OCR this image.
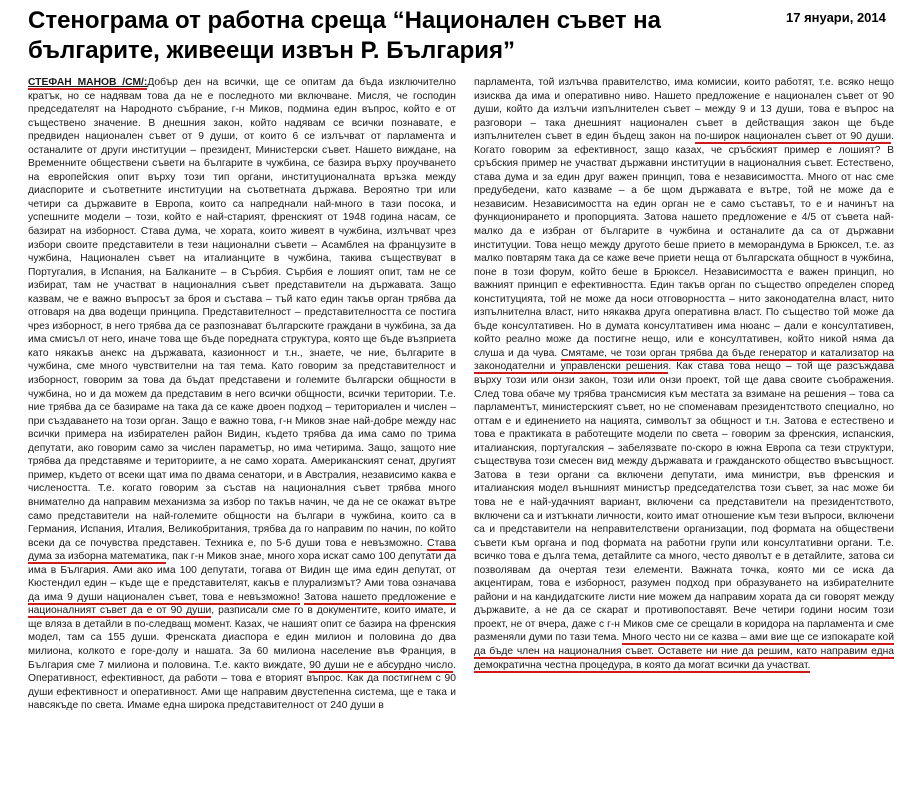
Стенограма от работна среща “Национален съвет на българите, живеещи извън Р. България”
17 януари, 2014

СТЕФАН МАНОВ /СМ/:Добър ден на всички, ще се опитам да бъда изключително кратък, но се надявам това да не е последното ми включване. Мисля, че господин председателят на Народното събрание, г-н Миков, подмина един въпрос, който е от съществено значение. В днешния закон, който надявам се всички познавате, е предвиден национален съвет от 9 души, от които 6 се излъчват от парламента и останалите от други институции – президент, Министерски съвет. Нашето виждане, на Временните обществени съвети на българите в чужбина, се базира върху проучването на европейския опит върху този тип органи, институционалната връзка между диаспорите и съответните институции на съответната държава. Вероятно три или четири са държавите в Европа, които са напреднали най-много в тази посока, и успешните модели – този, който е най-старият, френският от 1948 година насам, се базират на изборност. Става дума, че хората, които живеят в чужбина, излъчват чрез избори своите представители в тези национални съвети – Асамблея на французите в чужбина, Национален съвет на италианците в чужбина, такива съществуват в Португалия, в Испания, на Балканите – в Сърбия. Сърбия е лошият опит, там не се избират, там не участват в националния съвет представители на държавата. Защо казвам, че е важно въпросът за броя и състава – тъй като един такъв орган трябва да отговаря на два водещи принципа. Представителност – представителността се постига чрез изборност, в него трябва да се разпознават българските граждани в чужбина, за да има смисъл от него, иначе това ще бъде поредната структура, която ще бъде възприета като някакъв анекс на държавата, казионност и т.н., знаете, че ние, българите в чужбина, сме много чувствителни на тая тема. Като говорим за представителност и изборност, говорим за това да бъдат представени и големите български общности в чужбина, но и да можем да представим в него всички общности, всички територии. Т.е. ние трябва да се базираме на така да се каже двоен подход – териториален и числен – при създаването на този орган. Защо е важно това, г-н Миков знае най-добре между нас всички примера на избирателен район Видин, където трябва да има само по трима депутати, ако говорим само за числен параметър, но има четирима. Защо, защото ние трябва да представяме и териториите, а не само хората. Американският сенат, другият пример, където от всеки щат има по двама сенатори, и в Австралия, независимо каква е числеността. Т.е. когато говорим за състав на националния съвет трябва много внимателно да направим механизма за избор по такъв начин, че да не се окажат вътре само представители на най-големите общности на българи в чужбина, които са в Германия, Испания, Италия, Великобритания, трябва да го направим по начин, по който всеки да се почувства представен. Техника е, по 5-6 души това е невъзможно. Става дума за изборна математика, пак г-н Миков знае, много хора искат само 100 депутати да има в България. Ами ако има 100 депутати, тогава от Видин ще има един депутат, от Кюстендил един – къде ще е представителят, какъв е плурализмът? Ами това означава да има 9 души национален съвет, това е невъзможно! Затова нашето предложение е националният съвет да е от 90 души, разписали сме го в документите, които имате, и ще вляза в детайли в по-следващ момент. Казах, че нашият опит се базира на френския модел, там са 155 души. Френската диаспора е един милион и половина до два милиона, колкото е горе-долу и нашата. За 60 милиона население във Франция, в България сме 7 милиона и половина. Т.е. както виждате, 90 души не е абсурдно число. Оперативност, ефективност, да работи – това е вторият въпрос. Как да постигнем с 90 души ефективност и оперативност. Ами ще направим двустепенна система, ще е така и навсякъде по света. Имаме една широка представителност от 240 души в

парламента, той излъчва правителство, има комисии, които работят, т.е. всяко нещо изисква да има и оперативно ниво. Нашето предложение е национален съвет от 90 души, който да излъчи изпълнителен съвет – между 9 и 13 души, това е въпрос на разговори – така днешният национален съвет в действащия закон ще бъде изпълнителен съвет в един бъдещ закон на по-широк национален съвет от 90 души. Когато говорим за ефективност, защо казах, че сръбският пример е лошият? В сръбския пример не участват държавни институции в националния съвет. Естествено, става дума и за един друг важен принцип, това е независимостта. Много от нас сме предубедени, като казваме – а бе щом държавата е вътре, той не може да е независим. Независимостта на един орган не е само съставът, то е и начинът на функционирането и пропорцията. Затова нашето предложение е 4/5 от съвета най-малко да е избран от българите в чужбина и останалите да са от държавни институции. Това нещо между другото беше прието в меморандума в Брюксел, т.е. аз малко повтарям така да се каже вече приети неща от българската общност в чужбина, поне в този форум, който беше в Брюксел. Независимостта е важен принцип, но важният принцип е ефективността. Един такъв орган по същество определен според конституцията, той не може да носи отговорността – нито законодателна власт, нито изпълнителна власт, нито някаква друга оперативна власт. По същество той може да бъде консултативен. Но в думата консултативен има нюанс – дали е консултативен, който реално може да постигне нещо, или е консултативен, който никой няма да слуша и да чува. Смятаме, че този орган трябва да бъде генератор и катализатор на законодателни и управленски решения. Как става това нещо – той ще разсъждава върху този или онзи закон, този или онзи проект, той ще дава своите съображения. След това обаче му трябва трансмисия към местата за взимане на решения – това са парламентът, министерският съвет, но не споменавам президентството специално, но оттам е и единението на нацията, символът за общност и т.н. Затова е естествено и това е практиката в работещите модели по света – говорим за френския, испанския, италианския, португалския – забелязвате по-скоро в южна Европа са тези структури, съществува този смесен вид между държавата и гражданското общество въвсъщност. Затова в тези органи са включени депутати, има министри, във френския и италианския модел външният министър председателства този съвет, за нас може би това не е най-удачният вариант, включени са представители на президентството, включени са и изтъкнати личности, които имат отношение към тези въпроси, включени са и представители на неправителствени организации, под формата на обществени съвети към органа и под формата на работни групи или консултативни органи. Т.е. всичко това е дълга тема, детайлите са много, често дяволът е в детайлите, затова си позволявам да очертая тези елементи. Важната точка, която ми се иска да акцентирам, това е изборност, разумен подход при образуването на избирателните райони и на кандидатските листи ние можем да направим хората да си говорят между държавите, а не да се скарат и противопоставят. Вече четири години носим този проект, не от вчера, даже с г-н Миков сме се срещали в коридора на парламента и сме разменяли думи по тази тема. Много често ни се казва – ами вие ще се изпокарате кой да бъде член на националния съвет. Оставете ни ние да решим, като направим една демократична честна процедура, в която да могат всички да участват.
